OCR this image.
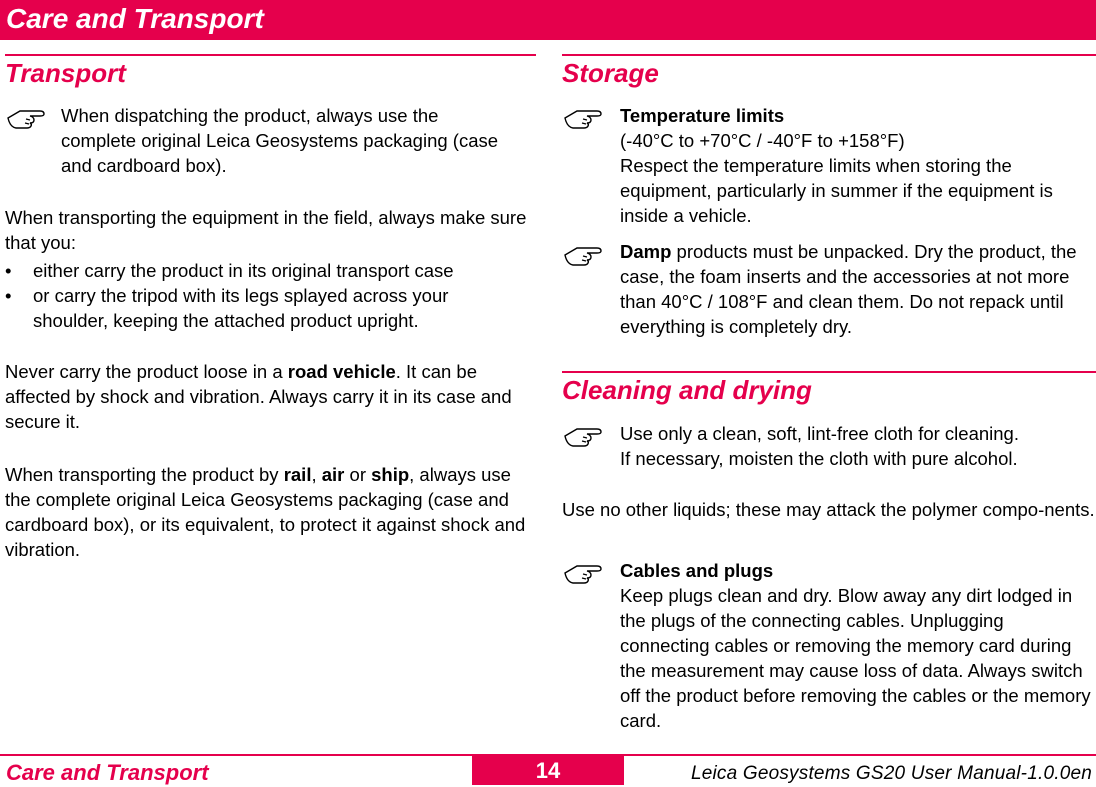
Care and Transport
Transport

When dispatching the product, always use the complete original Leica Geosystems packaging (case and cardboard box).

When transporting the equipment in the field, always make sure that you:

• either carry the product in its original transport case
• or carry the tripod with its legs splayed across your shoulder, keeping the attached product upright.

Never carry the product loose in a road vehicle. It can be affected by shock and vibration. Always carry it in its case and secure it.

When transporting the product by rail, air or ship, always use the complete original Leica Geosystems packaging (case and cardboard box), or its equivalent, to protect it against shock and vibration.

Storage

Temperature limits

(-40°C to +70°C / -40°F to +158°F)

Respect the temperature limits when storing the equipment, particularly in summer if the equipment is inside a vehicle.

Damp products must be unpacked. Dry the product, the case, the foam inserts and the accessories at not more than 40°C / 108°F and clean them. Do not repack until everything is completely dry.

Cleaning and drying

Use only a clean, soft, lint-free cloth for cleaning.

If necessary, moisten the cloth with pure alcohol.

Use no other liquids; these may attack the polymer compo-nents.

Cables and plugs

Keep plugs clean and dry. Blow away any dirt lodged in the plugs of the connecting cables. Unplugging connecting cables or removing the memory card during the measurement may cause loss of data. Always switch off the product before removing the cables or the memory card.

Care and Transport	14	Leica Geosystems GS20 User Manual-1.0.0en
